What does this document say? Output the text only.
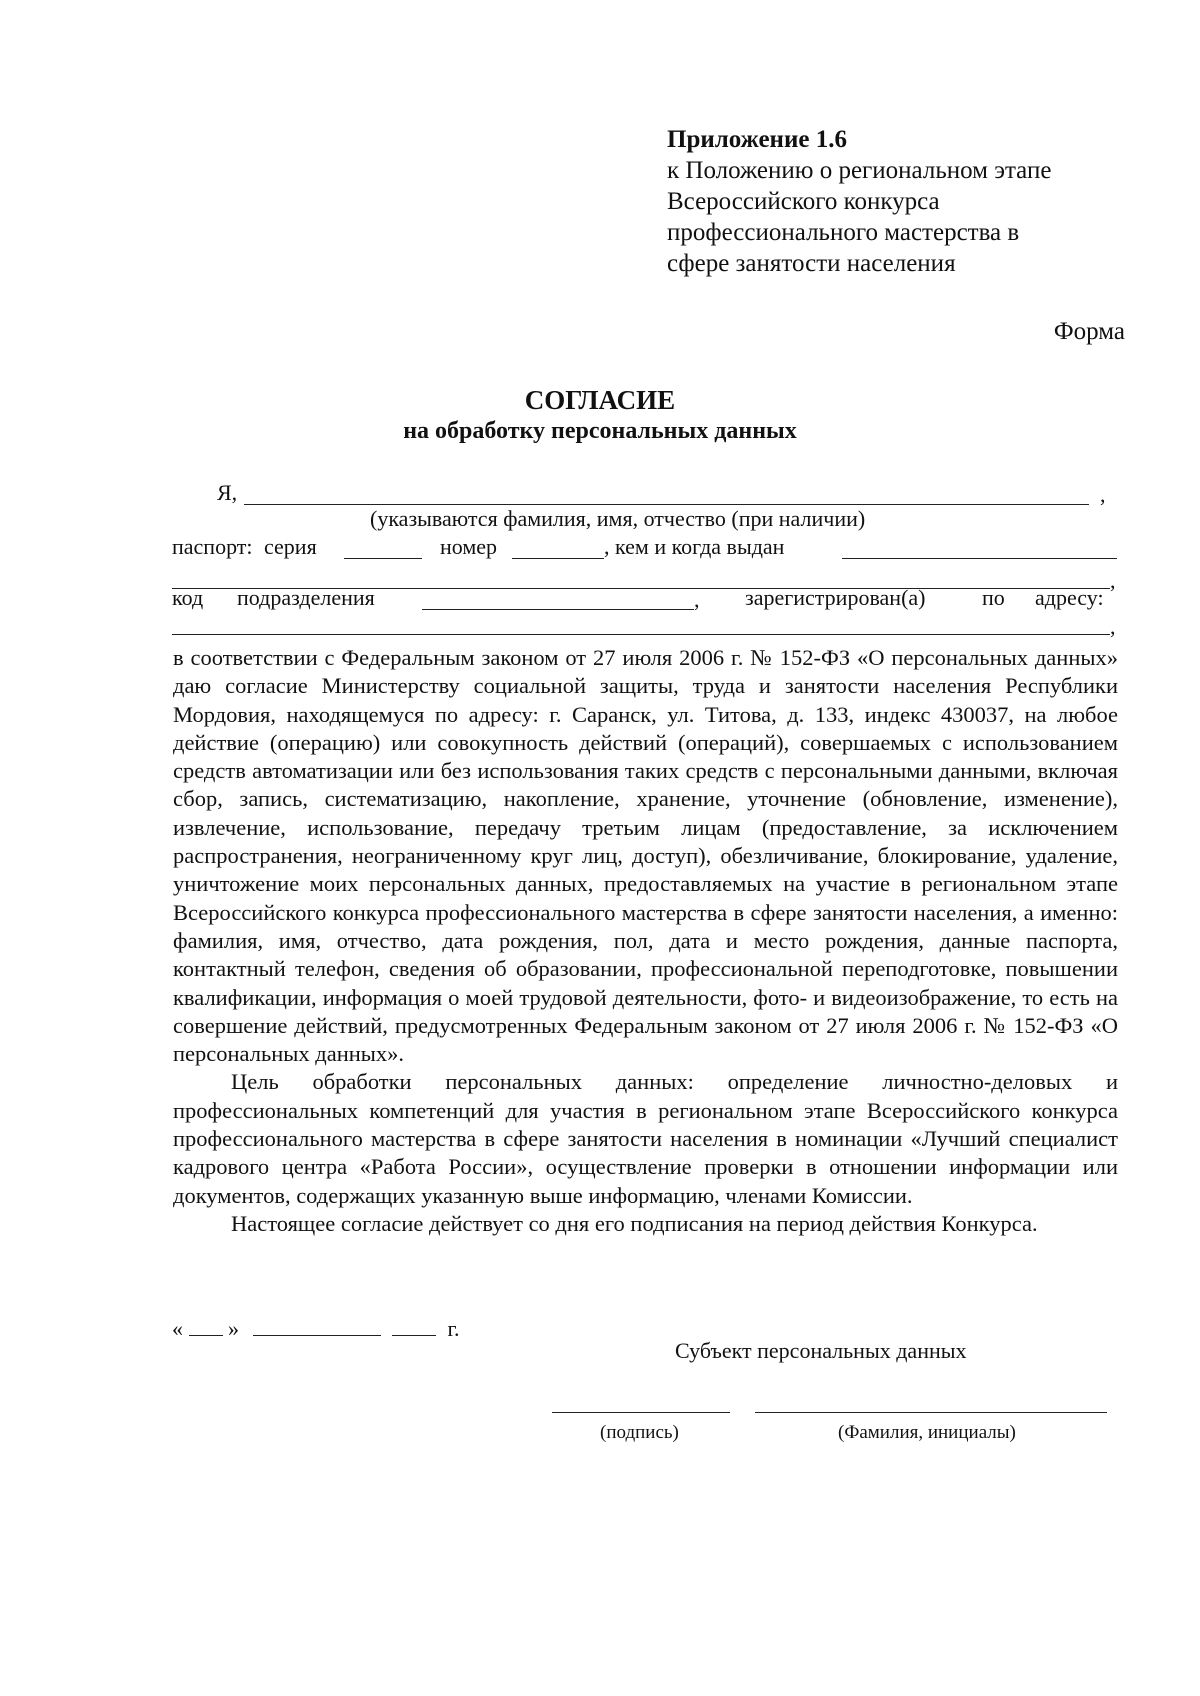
Приложение 1.6
к Положению о региональном этапе
Всероссийского конкурса
профессионального мастерства в
сфере занятости населения
Форма
СОГЛАСИЕ
на обработку персональных данных
Я,	,
(указываются фамилия, имя, отчество (при наличии)
паспорт: серия	номер	, кем и когда выдан
,
код подразделения	, зарегистрирован(а)	по адресу:
,

в соответствии с Федеральным законом от 27 июля 2006 г. № 152-ФЗ «О персональных данных» даю согласие Министерству социальной защиты, труда и занятости населения Республики Мордовия, находящемуся по адресу: г. Саранск, ул. Титова, д. 133, индекс 430037, на любое действие (операцию) или совокупность действий (операций), совершаемых с использованием средств автоматизации или без использования таких средств с персональными данными, включая сбор, запись, систематизацию, накопление, хранение, уточнение (обновление, изменение), извлечение, использование, передачу третьим лицам (предоставление, за исключением распространения, неограниченному круг лиц, доступ), обезличивание, блокирование, удаление, уничтожение моих персональных данных, предоставляемых на участие в региональном этапе Всероссийского конкурса профессионального мастерства в сфере занятости населения, а именно: фамилия, имя, отчество, дата рождения, пол, дата и место рождения, данные паспорта, контактный телефон, сведения об образовании, профессиональной переподготовке, повышении квалификации, информация о моей трудовой деятельности, фото- и видеоизображение, то есть на совершение действий, предусмотренных Федеральным законом от 27 июля 2006 г. № 152-ФЗ «О персональных данных».

Цель обработки персональных данных: определение личностно-деловых и профессиональных компетенций для участия в региональном этапе Всероссийского конкурса профессионального мастерства в сфере занятости населения в номинации «Лучший специалист кадрового центра «Работа России», осуществление проверки в отношении информации или документов, содержащих указанную выше информацию, членами Комиссии.

Настоящее согласие действует со дня его подписания на период действия Конкурса.

« »	г.
Субъект персональных данных
(подпись)	(Фамилия, инициалы)
